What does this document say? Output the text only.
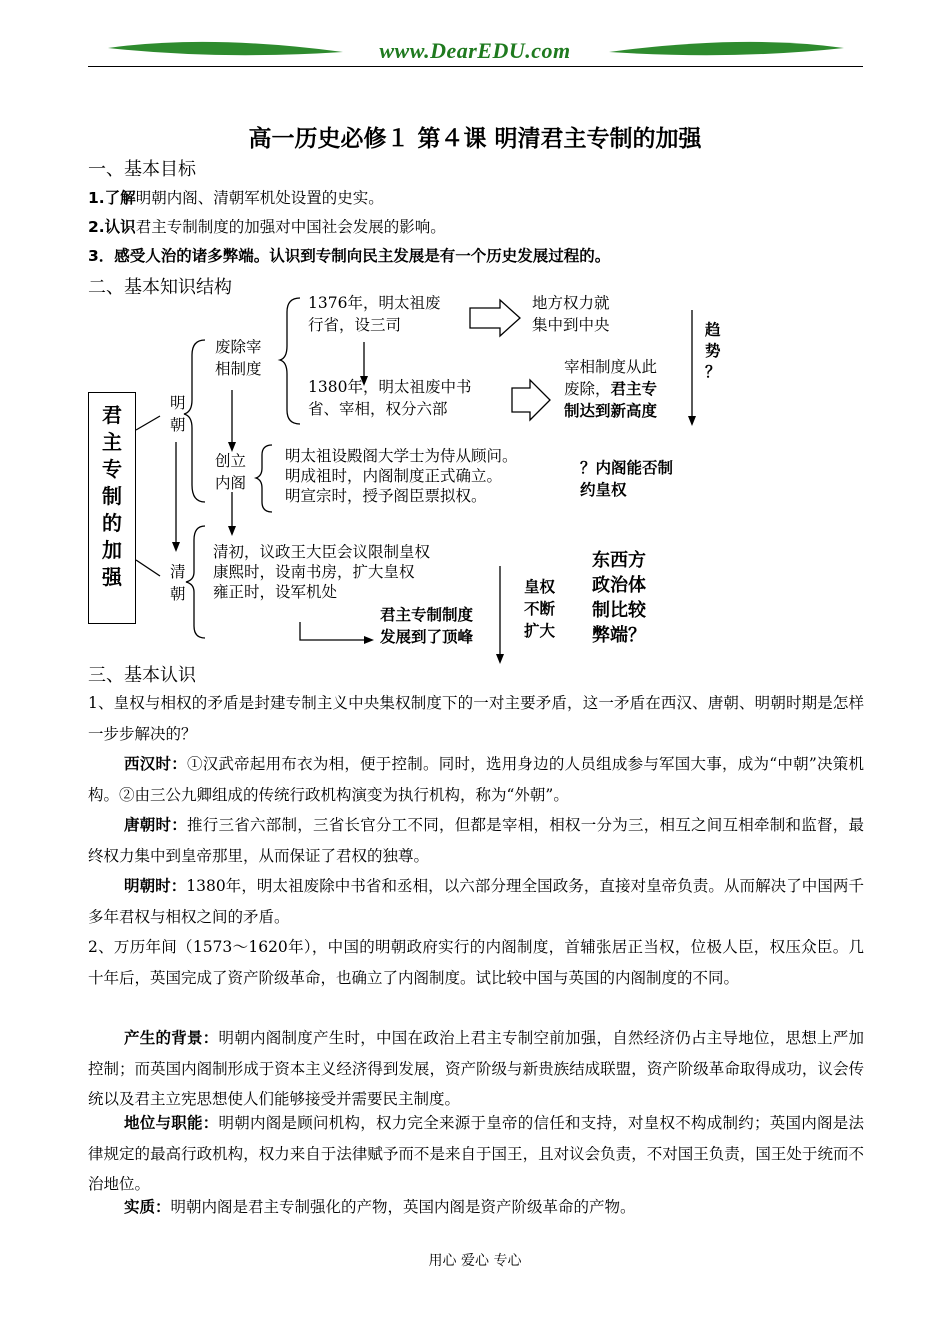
www.DearEDU.com
高一历史必修１ 第４课 明清君主专制的加强
一、基本目标
1.了解明朝内阁、清朝军机处设置的史实。
2.认识君主专制制度的加强对中国社会发展的影响。
3．感受人治的诸多弊端。认识到专制向民主发展是有一个历史发展过程的。
二、基本知识结构
君主专制的加强
明
朝
清
朝
废除宰
相制度
1376年，明太祖废
行省，设三司
地方权力就
集中到中央
1380年，明太祖废中书
省、宰相，权分六部
宰相制度从此
废除，君主专
制达到新高度
趋
势
？
创立
内阁
明太祖设殿阁大学士为侍从顾问。
明成祖时，内阁制度正式确立。
明宣宗时，授予阁臣票拟权。
？内阁能否制
约皇权
清初，议政王大臣会议限制皇权
康熙时，设南书房，扩大皇权
雍正时，设军机处
君主专制制度
发展到了顶峰
皇权
不断
扩大
东西方
政治体
制比较
弊端？
三、基本认识
1、皇权与相权的矛盾是封建专制主义中央集权制度下的一对主要矛盾，这一矛盾在西汉、唐朝、明朝时期是怎样一步步解决的？
西汉时：①汉武帝起用布衣为相，便于控制。同时，选用身边的人员组成参与军国大事，成为“中朝”决策机构。②由三公九卿组成的传统行政机构演变为执行机构，称为“外朝”。
唐朝时：推行三省六部制，三省长官分工不同，但都是宰相，相权一分为三，相互之间互相牵制和监督，最终权力集中到皇帝那里，从而保证了君权的独尊。
明朝时：1380年，明太祖废除中书省和丞相，以六部分理全国政务，直接对皇帝负责。从而解决了中国两千多年君权与相权之间的矛盾。
2、万历年间（1573～1620年），中国的明朝政府实行的内阁制度，首辅张居正当权，位极人臣，权压众臣。几十年后，英国完成了资产阶级革命，也确立了内阁制度。试比较中国与英国的内阁制度的不同。
产生的背景：明朝内阁制度产生时，中国在政治上君主专制空前加强，自然经济仍占主导地位，思想上严加控制；而英国内阁制形成于资本主义经济得到发展，资产阶级与新贵族结成联盟，资产阶级革命取得成功，议会传统以及君主立宪思想使人们能够接受并需要民主制度。
地位与职能：明朝内阁是顾问机构，权力完全来源于皇帝的信任和支持，对皇权不构成制约；英国内阁是法律规定的最高行政机构，权力来自于法律赋予而不是来自于国王，且对议会负责，不对国王负责，国王处于统而不治地位。
实质：明朝内阁是君主专制强化的产物，英国内阁是资产阶级革命的产物。
用心 爱心 专心
